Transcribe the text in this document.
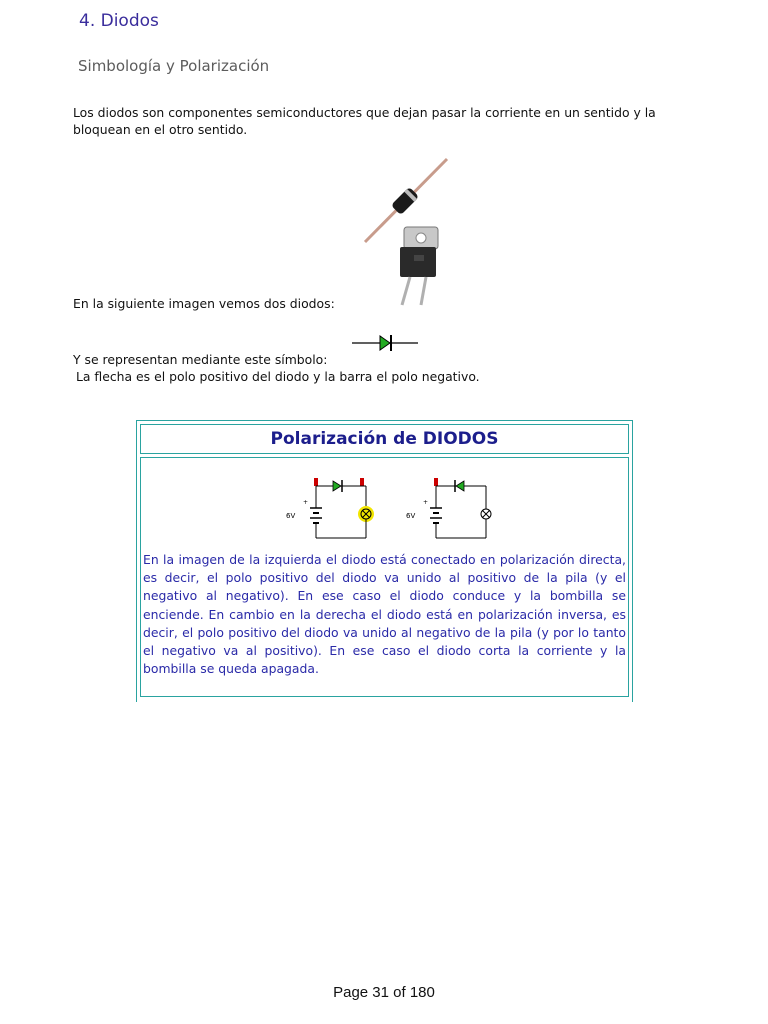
4. Diodos
Simbología y Polarización

Los diodos son componentes semiconductores que dejan pasar la corriente en un sentido y la bloquean en el otro sentido.

En la siguiente imagen vemos dos diodos:

Y se representan mediante este símbolo:

La flecha es el polo positivo del diodo y la barra el polo negativo.

Polarización de DIODOS
+
6V
+
6V

En la imagen de la izquierda el diodo está conectado en polarización directa, es decir, el polo positivo del diodo va unido al positivo de la pila (y el negativo al negativo). En ese caso el diodo conduce y la bombilla se enciende. En cambio en la derecha el diodo está en polarización inversa, es decir, el polo positivo del diodo va unido al negativo de la pila (y por lo tanto el negativo va al positivo). En ese caso el diodo corta la corriente y la bombilla se queda apagada.

Page 31 of 180
